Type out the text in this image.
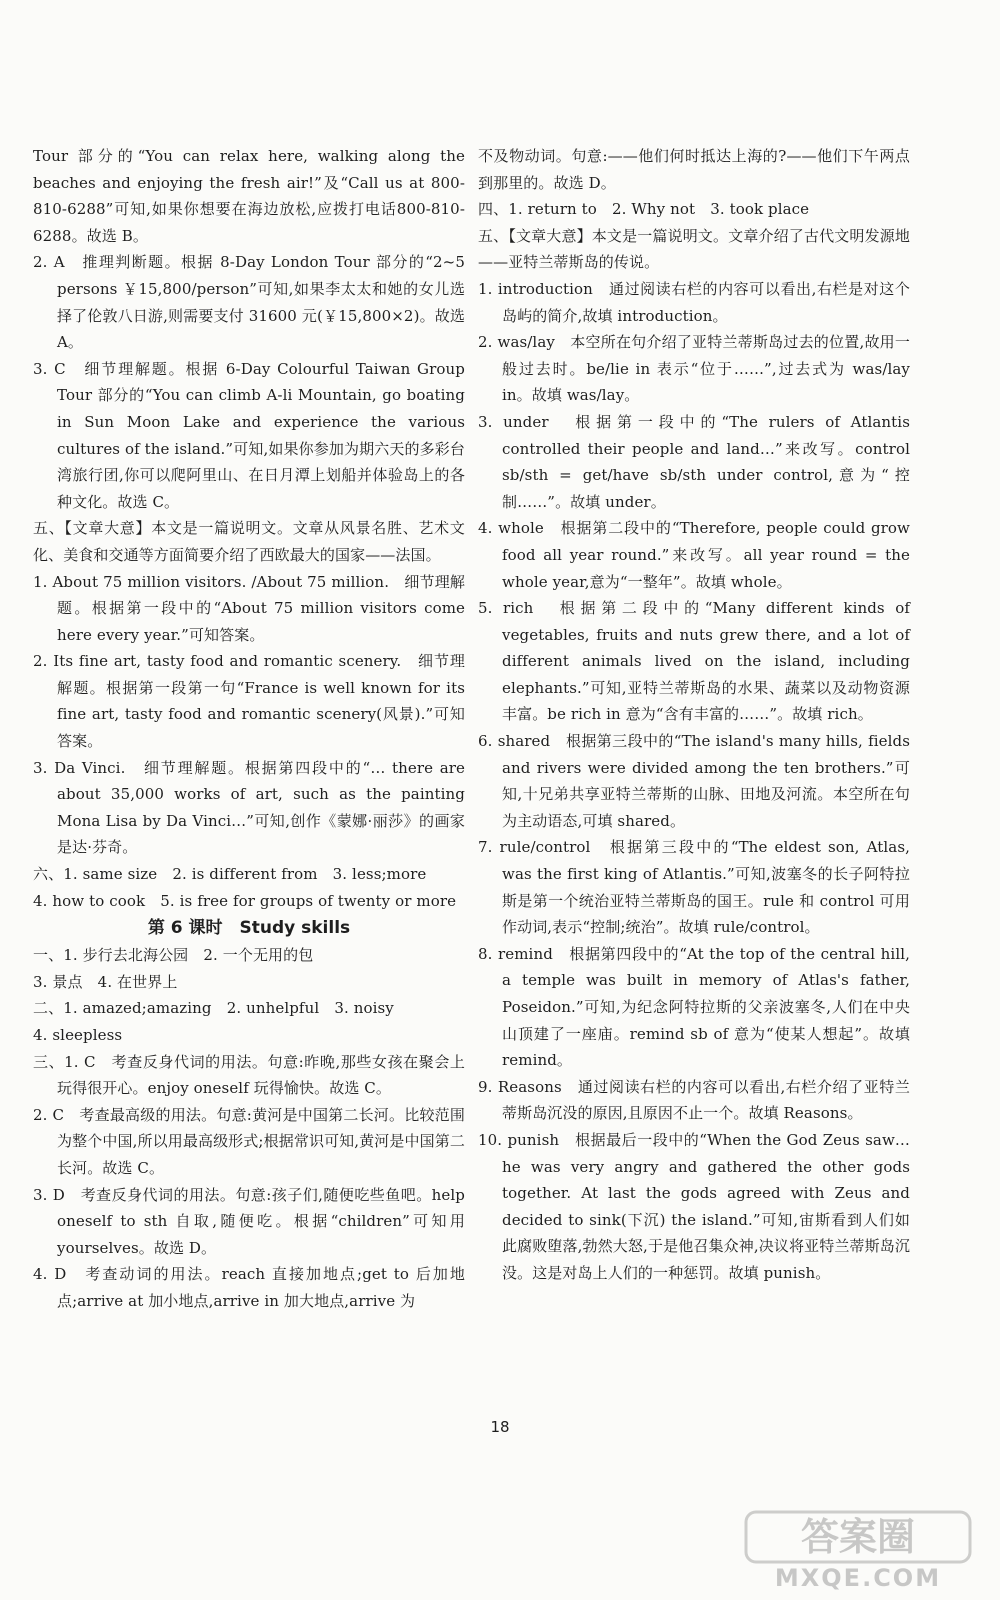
Tour 部分的“You can relax here, walking along the beaches and enjoying the fresh air!”及“Call us at 800-810-6288”可知,如果你想要在海边放松,应拨打电话800-810-6288。故选 B。

2. A　推理判断题。根据 8-Day London Tour 部分的“2~5 persons ￥15,800/person”可知,如果李太太和她的女儿选择了伦敦八日游,则需要支付 31600 元(￥15,800×2)。故选 A。

3. C　细节理解题。根据 6-Day Colourful Taiwan Group Tour 部分的“You can climb A-li Mountain, go boating in Sun Moon Lake and experience the various cultures of the island.”可知,如果你参加为期六天的多彩台湾旅行团,你可以爬阿里山、在日月潭上划船并体验岛上的各种文化。故选 C。

五、【文章大意】本文是一篇说明文。文章从风景名胜、艺术文化、美食和交通等方面简要介绍了西欧最大的国家——法国。

1. About 75 million visitors. /About 75 million.　细节理解题。根据第一段中的“About 75 million visitors come here every year.”可知答案。

2. Its fine art, tasty food and romantic scenery.　细节理解题。根据第一段第一句“France is well known for its fine art, tasty food and romantic scenery(风景).”可知答案。

3. Da Vinci.　细节理解题。根据第四段中的“… there are about 35,000 works of art, such as the painting Mona Lisa by Da Vinci…”可知,创作《蒙娜·丽莎》的画家是达·芬奇。

六、1. same size　2. is different from　3. less;more

4. how to cook　5. is free for groups of twenty or more

第 6 课时　Study skills

一、1. 步行去北海公园　2. 一个无用的包

3. 景点　4. 在世界上

二、1. amazed;amazing　2. unhelpful　3. noisy

4. sleepless

三、1. C　考查反身代词的用法。句意:昨晚,那些女孩在聚会上玩得很开心。enjoy oneself 玩得愉快。故选 C。

2. C　考查最高级的用法。句意:黄河是中国第二长河。比较范围为整个中国,所以用最高级形式;根据常识可知,黄河是中国第二长河。故选 C。

3. D　考查反身代词的用法。句意:孩子们,随便吃些鱼吧。help oneself to sth 自取,随便吃。根据“children”可知用 yourselves。故选 D。

4. D　考查动词的用法。reach 直接加地点;get to 后加地点;arrive at 加小地点,arrive in 加大地点,arrive 为

不及物动词。句意:——他们何时抵达上海的?——他们下午两点到那里的。故选 D。

四、1. return to　2. Why not　3. took place

五、【文章大意】本文是一篇说明文。文章介绍了古代文明发源地——亚特兰蒂斯岛的传说。

1. introduction　通过阅读右栏的内容可以看出,右栏是对这个岛屿的简介,故填 introduction。

2. was/lay　本空所在句介绍了亚特兰蒂斯岛过去的位置,故用一般过去时。be/lie in 表示“位于……”,过去式为 was/lay in。故填 was/lay。

3. under　根据第一段中的“The rulers of Atlantis controlled their people and land…”来改写。control sb/sth = get/have sb/sth under control,意为“控制……”。故填 under。

4. whole　根据第二段中的“Therefore, people could grow food all year round.”来改写。all year round = the whole year,意为“一整年”。故填 whole。

5. rich　根据第二段中的“Many different kinds of vegetables, fruits and nuts grew there, and a lot of different animals lived on the island, including elephants.”可知,亚特兰蒂斯岛的水果、蔬菜以及动物资源丰富。be rich in 意为“含有丰富的……”。故填 rich。

6. shared　根据第三段中的“The island's many hills, fields and rivers were divided among the ten brothers.”可知,十兄弟共享亚特兰蒂斯的山脉、田地及河流。本空所在句为主动语态,可填 shared。

7. rule/control　根据第三段中的“The eldest son, Atlas, was the first king of Atlantis.”可知,波塞冬的长子阿特拉斯是第一个统治亚特兰蒂斯岛的国王。rule 和 control 可用作动词,表示“控制;统治”。故填 rule/control。

8. remind　根据第四段中的“At the top of the central hill, a temple was built in memory of Atlas's father, Poseidon.”可知,为纪念阿特拉斯的父亲波塞冬,人们在中央山顶建了一座庙。remind sb of 意为“使某人想起”。故填 remind。

9. Reasons　通过阅读右栏的内容可以看出,右栏介绍了亚特兰蒂斯岛沉没的原因,且原因不止一个。故填 Reasons。

10. punish　根据最后一段中的“When the God Zeus saw… he was very angry and gathered the other gods together. At last the gods agreed with Zeus and decided to sink(下沉) the island.”可知,宙斯看到人们如此腐败堕落,勃然大怒,于是他召集众神,决议将亚特兰蒂斯岛沉没。这是对岛上人们的一种惩罚。故填 punish。

18
答案圈
MXQE.COM
